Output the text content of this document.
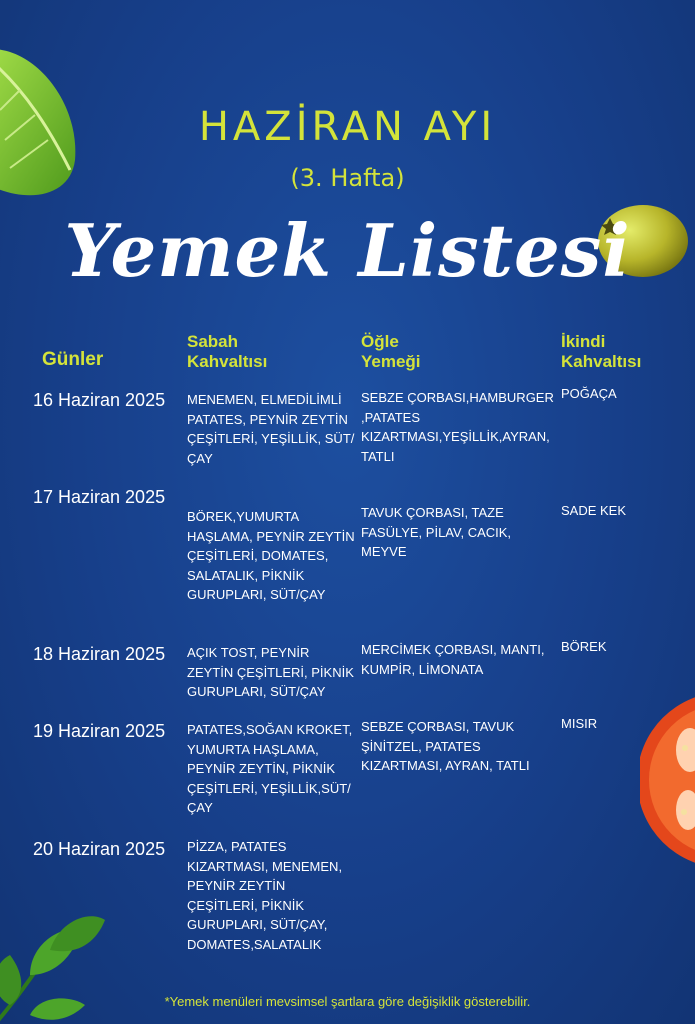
HAZİRAN AYI
(3. Hafta)
Yemek Listesi
Günler
Sabah
Kahvaltısı
Öğle
Yemeği
İkindi
Kahvaltısı
16 Haziran 2025 MENEMEN, ELMEDİLİMLİ PATATES, PEYNİR ZEYTİN ÇEŞİTLERİ, YEŞİLLİK, SÜT/ÇAY
SEBZE ÇORBASI,HAMBURGER ,PATATES KIZARTMASI,YEŞİLLİK,AYRAN, TATLI
POĞAÇA
17 Haziran 2025
BÖREK,YUMURTA HAŞLAMA, PEYNİR ZEYTİN ÇEŞİTLERİ, DOMATES, SALATALIK, PİKNİK GURUPLARI, SÜT/ÇAY
TAVUK ÇORBASI, TAZE FASÜLYE, PİLAV, CACIK, MEYVE
SADE KEK
18 Haziran 2025 AÇIK TOST, PEYNİR ZEYTİN ÇEŞİTLERİ, PİKNİK GURUPLARI, SÜT/ÇAY
MERCİMEK ÇORBASI, MANTI, KUMPİR, LİMONATA
BÖREK
19 Haziran 2025 PATATES,SOĞAN KROKET, YUMURTA HAŞLAMA, PEYNİR ZEYTİN, PİKNİK ÇEŞİTLERİ, YEŞİLLİK,SÜT/ÇAY
SEBZE ÇORBASI, TAVUK ŞİNİTZEL, PATATES KIZARTMASI, AYRAN, TATLI
MISIR
20 Haziran 2025 PİZZA, PATATES KIZARTMASI, MENEMEN, PEYNİR ZEYTİN ÇEŞİTLERİ, PİKNİK GURUPLARI, SÜT/ÇAY, DOMATES,SALATALIK
*Yemek menüleri mevsimsel şartlara göre değişiklik gösterebilir.
